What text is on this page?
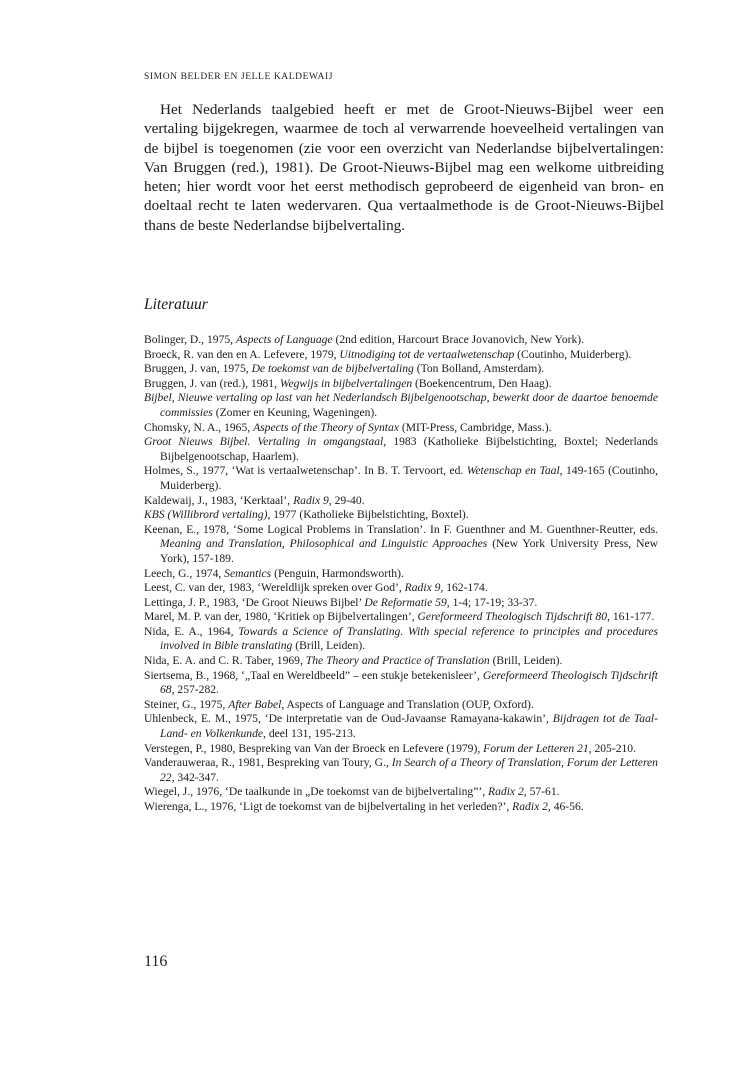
SIMON BELDER EN JELLE KALDEWAIJ

Het Nederlands taalgebied heeft er met de Groot-Nieuws-Bijbel weer een vertaling bijgekregen, waarmee de toch al verwarrende hoeveelheid vertalingen van de bijbel is toegenomen (zie voor een overzicht van Nederlandse bijbelvertalingen: Van Bruggen (red.), 1981). De Groot-Nieuws-Bijbel mag een welkome uitbreiding heten; hier wordt voor het eerst methodisch geprobeerd de eigenheid van bron- en doeltaal recht te laten wedervaren. Qua vertaalmethode is de Groot-Nieuws-Bijbel thans de beste Nederlandse bijbelvertaling.

Literatuur
Bolinger, D., 1975, Aspects of Language (2nd edition, Harcourt Brace Jovanovich, New York).
Broeck, R. van den en A. Lefevere, 1979, Uitnodiging tot de vertaalwetenschap (Coutinho, Muiderberg).
Bruggen, J. van, 1975, De toekomst van de bijbelvertaling (Ton Bolland, Amsterdam).
Bruggen, J. van (red.), 1981, Wegwijs in bijbelvertalingen (Boekencentrum, Den Haag).
Bijbel, Nieuwe vertaling op last van het Nederlandsch Bijbelgenootschap, bewerkt door de daartoe benoemde commissies (Zomer en Keuning, Wageningen).
Chomsky, N. A., 1965, Aspects of the Theory of Syntax (MIT-Press, Cambridge, Mass.).
Groot Nieuws Bijbel. Vertaling in omgangstaal, 1983 (Katholieke Bijbelstichting, Boxtel; Nederlands Bijbelgenootschap, Haarlem).
Holmes, S., 1977, ‘Wat is vertaalwetenschap’. In B. T. Tervoort, ed. Wetenschap en Taal, 149-165 (Coutinho, Muiderberg).
Kaldewaij, J., 1983, ‘Kerktaal’, Radix 9, 29-40.
KBS (Willibrord vertaling), 1977 (Katholieke Bijbelstichting, Boxtel).
Keenan, E., 1978, ‘Some Logical Problems in Translation’. In F. Guenthner and M. Guenthner-Reutter, eds. Meaning and Translation, Philosophical and Linguistic Approaches (New York University Press, New York), 157-189.
Leech, G., 1974, Semantics (Penguin, Harmondsworth).
Leest, C. van der, 1983, ‘Wereldlijk spreken over God’, Radix 9, 162-174.
Lettinga, J. P., 1983, ‘De Groot Nieuws Bijbel’ De Reformatie 59, 1-4; 17-19; 33-37.
Marel, M. P. van der, 1980, ‘Kritiek op Bijbelvertalingen’, Gereformeerd Theologisch Tijdschrift 80, 161-177.
Nida, E. A., 1964, Towards a Science of Translating. With special reference to principles and procedures involved in Bible translating (Brill, Leiden).
Nida, E. A. and C. R. Taber, 1969, The Theory and Practice of Translation (Brill, Leiden).
Siertsema, B., 1968, ‘„Taal en Wereldbeeld” – een stukje betekenisleer’, Gereformeerd Theologisch Tijdschrift 68, 257-282.
Steiner, G., 1975, After Babel, Aspects of Language and Translation (OUP, Oxford).
Uhlenbeck, E. M., 1975, ‘De interpretatie van de Oud-Javaanse Ramayana-kakawin’, Bijdragen tot de Taal- Land- en Volkenkunde, deel 131, 195-213.
Verstegen, P., 1980, Bespreking van Van der Broeck en Lefevere (1979), Forum der Letteren 21, 205-210.
Vanderauweraa, R., 1981, Bespreking van Toury, G., In Search of a Theory of Translation, Forum der Letteren 22, 342-347.
Wiegel, J., 1976, ‘De taalkunde in „De toekomst van de bijbelvertaling”’, Radix 2, 57-61.
Wierenga, L., 1976, ‘Ligt de toekomst van de bijbelvertaling in het verleden?’, Radix 2, 46-56.
116
